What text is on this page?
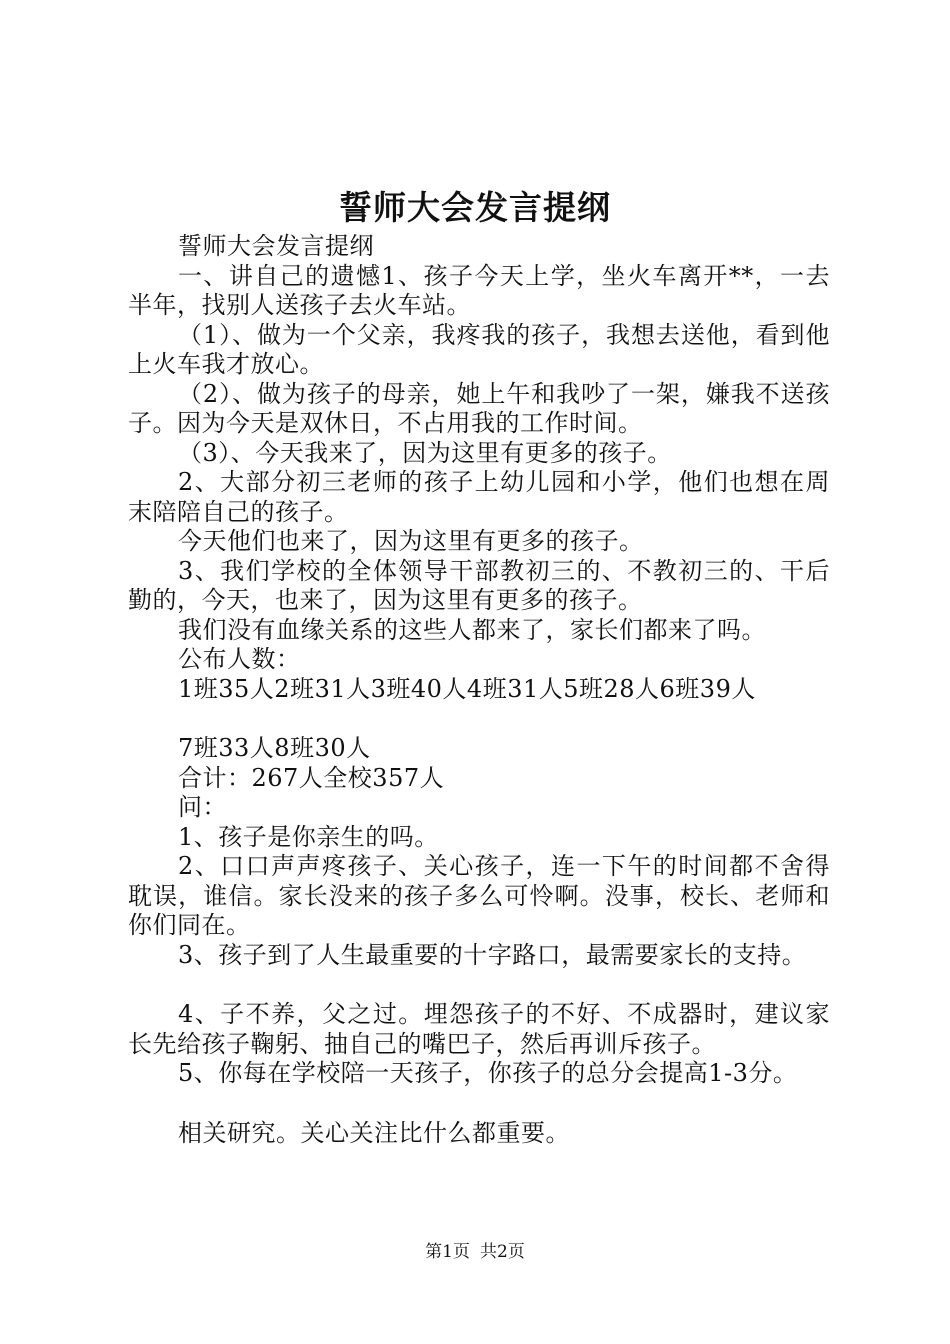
誓师大会发言提纲

誓师大会发言提纲

一、讲自己的遗憾1、孩子今天上学，坐火车离开**，一去半年，找别人送孩子去火车站。

（1）、做为一个父亲，我疼我的孩子，我想去送他，看到他上火车我才放心。

（2）、做为孩子的母亲，她上午和我吵了一架，嫌我不送孩子。因为今天是双休日，不占用我的工作时间。

（3）、今天我来了，因为这里有更多的孩子。

2、大部分初三老师的孩子上幼儿园和小学，他们也想在周末陪陪自己的孩子。

今天他们也来了，因为这里有更多的孩子。

3、我们学校的全体领导干部教初三的、不教初三的、干后勤的，今天，也来了，因为这里有更多的孩子。

我们没有血缘关系的这些人都来了，家长们都来了吗。

公布人数：

1班35人2班31人3班40人4班31人5班28人6班39人

7班33人8班30人

合计：267人全校357人

问：

1、孩子是你亲生的吗。

2、口口声声疼孩子、关心孩子，连一下午的时间都不舍得耽误，谁信。家长没来的孩子多么可怜啊。没事，校长、老师和你们同在。

3、孩子到了人生最重要的十字路口，最需要家长的支持。

4、子不养，父之过。埋怨孩子的不好、不成器时，建议家长先给孩子鞠躬、抽自己的嘴巴子，然后再训斥孩子。

5、你每在学校陪一天孩子，你孩子的总分会提高1-3分。

相关研究。关心关注比什么都重要。

第1页 共2页
